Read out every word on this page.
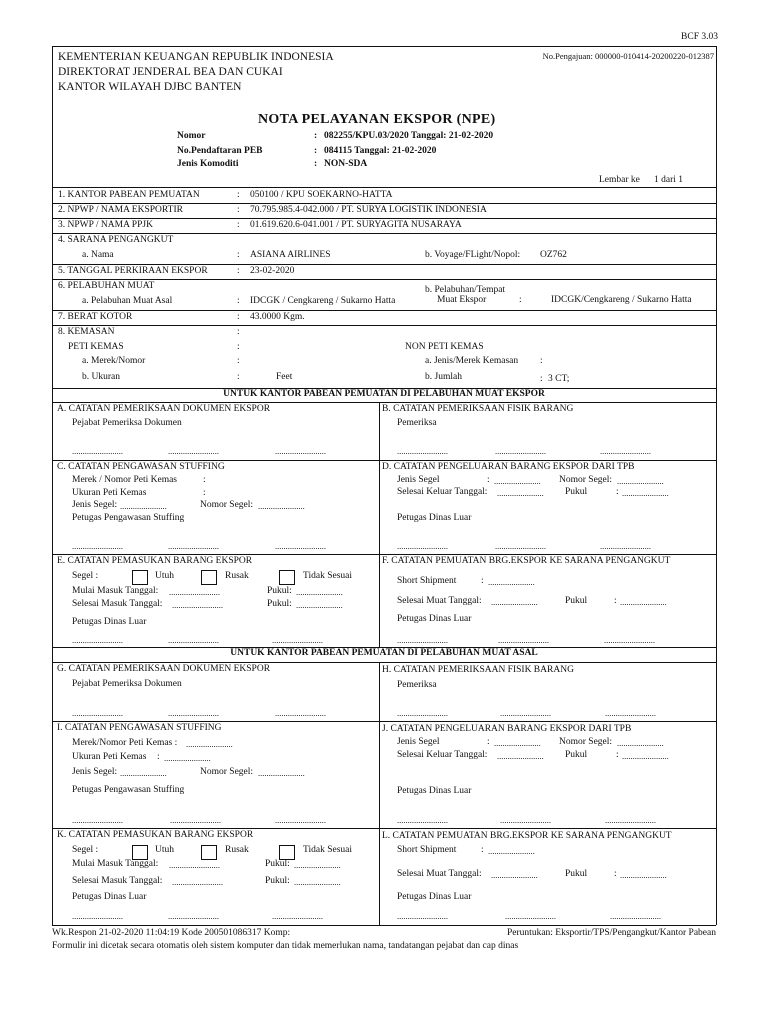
BCF 3.03
KEMENTERIAN KEUANGAN REPUBLIK INDONESIA
DIREKTORAT JENDERAL BEA DAN CUKAI
KANTOR WILAYAH DJBC BANTEN
No.Pengajuan: 000000-010414-20200220-012387
NOTA PELAYANAN EKSPOR (NPE)
Nomor	: 082255/KPU.03/2020 Tanggal: 21-02-2020
No.Pendaftaran PEB	: 084115 Tanggal: 21-02-2020
Jenis Komoditi	: NON-SDA
Lembar ke 1 dari 1
1. KANTOR PABEAN PEMUATAN	: 050100 / KPU SOEKARNO-HATTA
2. NPWP / NAMA EKSPORTIR	: 70.795.985.4-042.000 / PT. SURYA LOGISTIK INDONESIA
3. NPWP / NAMA PPJK	: 01.619.620.6-041.001 / PT. SURYAGITA NUSARAYA
4. SARANA PENGANGKUT
a. Nama	: ASIANA AIRLINES	b. Voyage/FLight/Nopol: OZ762
5. TANGGAL PERKIRAAN EKSPOR	: 23-02-2020
6. PELABUHAN MUAT	b. Pelabuhan/Tempat
a. Pelabuhan Muat Asal	: IDCGK / Cengkareng / Sukarno Hatta	Muat Ekspor	:	IDCGK/Cengkareng / Sukarno Hatta
7. BERAT KOTOR	: 43.0000 Kgm.
8. KEMASAN	:
PETI KEMAS	:	NON PETI KEMAS
a. Merek/Nomor	:	a. Jenis/Merek Kemasan :
b. Ukuran	:	Feet	b. Jumlah	: 3 CT;
UNTUK KANTOR PABEAN PEMUATAN DI PELABUHAN MUAT EKSPOR
A. CATATAN PEMERIKSAAN DOKUMEN EKSPOR
Pejabat Pemeriksa Dokumen
........................	........................	........................
B. CATATAN PEMERIKSAAN FISIK BARANG
Pemeriksa
........................	........................	........................
C. CATATAN PENGAWASAN STUFFING
Merek / Nomor Peti Kemas	:
Ukuran Peti Kemas	:
Jenis Segel: ......................	Nomor Segel: ......................
Petugas Pengawasan Stuffing
........................	........................	........................
D. CATATAN PENGELUARAN BARANG EKSPOR DARI TPB
Jenis Segel	: ...................... Nomor Segel: ......................
Selesai Keluar Tanggal: ...................... Pukul	: ......................
Petugas Dinas Luar
........................	........................	........................
E. CATATAN PEMASUKAN BARANG EKSPOR
Segel :	Utuh	Rusak	Tidak Sesuai
Mulai Masuk Tanggal: ........................	Pukul: ......................
Selesai Masuk Tanggal: ........................	Pukul: ......................
Petugas Dinas Luar
........................	........................	........................
F. CATATAN PEMUATAN BRG.EKSPOR KE SARANA PENGANGKUT
Short Shipment	: ......................
Selesai Muat Tanggal: ......................	Pukul	: ......................
Petugas Dinas Luar
........................	........................	........................
UNTUK KANTOR PABEAN PEMUATAN DI PELABUHAN MUAT ASAL
G. CATATAN PEMERIKSAAN DOKUMEN EKSPOR
Pejabat Pemeriksa Dokumen
........................	........................	........................
H. CATATAN PEMERIKSAAN FISIK BARANG
Pemeriksa
........................	........................	........................
I. CATATAN PENGAWASAN STUFFING
Merek/Nomor Peti Kemas : ......................
Ukuran Peti Kemas : ......................
Jenis Segel: ......................	Nomor Segel: ......................
Petugas Pengawasan Stuffing
........................	........................	........................
J. CATATAN PENGELUARAN BARANG EKSPOR DARI TPB
Jenis Segel	: ...................... Nomor Segel: ......................
Selesai Keluar Tanggal: ...................... Pukul	: ......................
Petugas Dinas Luar
........................	........................	........................
K. CATATAN PEMASUKAN BARANG EKSPOR
Segel :	Utuh	Rusak	Tidak Sesuai
Mulai Masuk Tanggal: ........................	Pukul: ......................
Selesai Masuk Tanggal: ........................	Pukul: ......................
Petugas Dinas Luar
........................	........................	........................
L. CATATAN PEMUATAN BRG.EKSPOR KE SARANA PENGANGKUT
Short Shipment	: ......................
Selesai Muat Tanggal: ......................	Pukul	: ......................
Petugas Dinas Luar
........................	........................	........................
Wk.Respon 21-02-2020 11:04:19 Kode 200501086317 Komp:	Peruntukan: Eksportir/TPS/Pengangkut/Kantor Pabean
Formulir ini dicetak secara otomatis oleh sistem komputer dan tidak memerlukan nama, tandatangan pejabat dan cap dinas
